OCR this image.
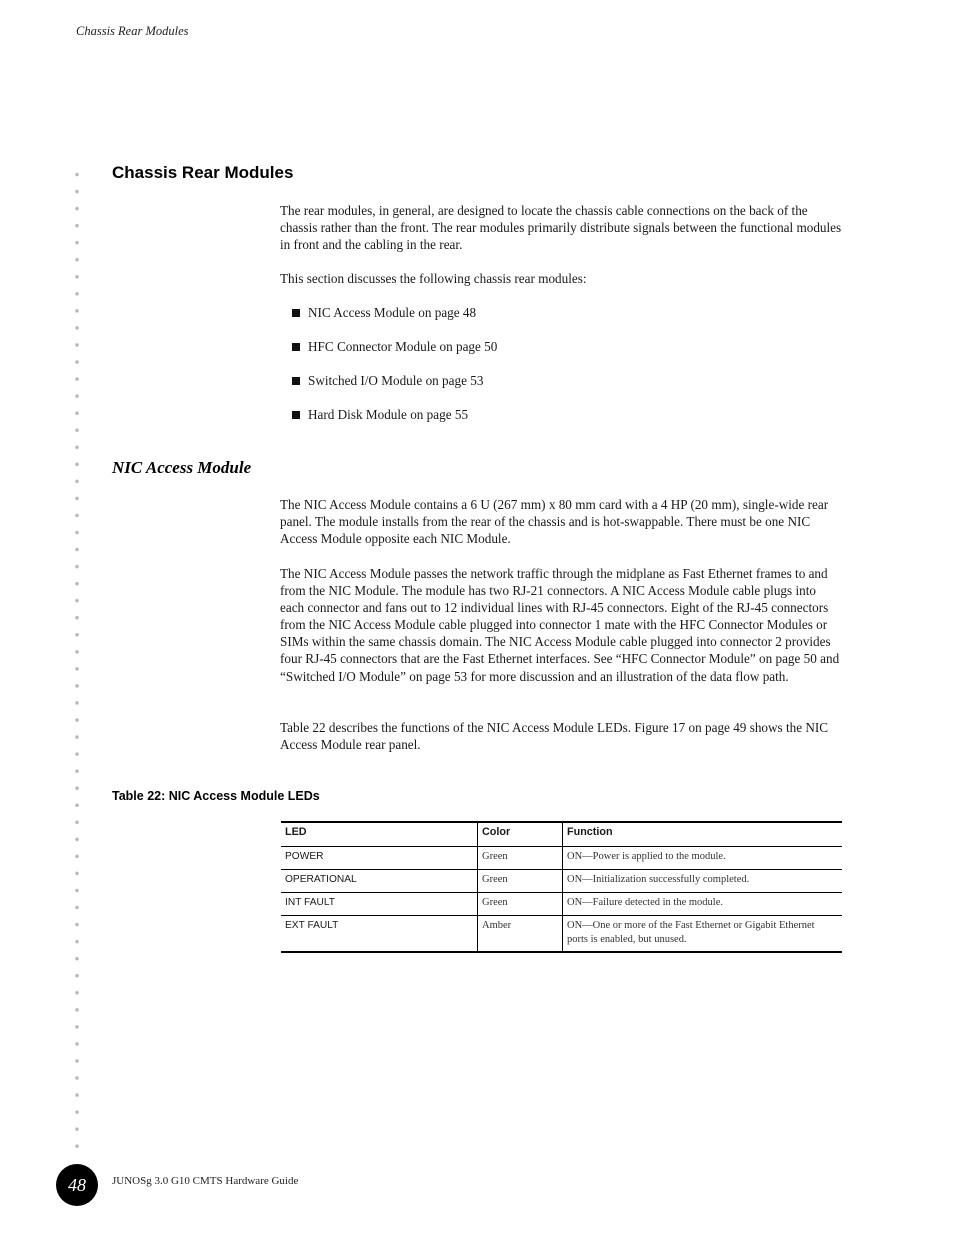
Chassis Rear Modules
Chassis Rear Modules

The rear modules, in general, are designed to locate the chassis cable connections on the back of the chassis rather than the front. The rear modules primarily distribute signals between the functional modules in front and the cabling in the rear.

This section discusses the following chassis rear modules:

NIC Access Module on page 48
HFC Connector Module on page 50
Switched I/O Module on page 53
Hard Disk Module on page 55
NIC Access Module

The NIC Access Module contains a 6 U (267 mm) x 80 mm card with a 4 HP (20 mm), single-wide rear panel. The module installs from the rear of the chassis and is hot-swappable. There must be one NIC Access Module opposite each NIC Module.

The NIC Access Module passes the network traffic through the midplane as Fast Ethernet frames to and from the NIC Module. The module has two RJ-21 connectors. A NIC Access Module cable plugs into each connector and fans out to 12 individual lines with RJ-45 connectors. Eight of the RJ-45 connectors from the NIC Access Module cable plugged into connector 1 mate with the HFC Connector Modules or SIMs within the same chassis domain. The NIC Access Module cable plugged into connector 2 provides four RJ-45 connectors that are the Fast Ethernet interfaces. See “HFC Connector Module” on page 50 and “Switched I/O Module” on page 53 for more discussion and an illustration of the data flow path.

Table 22 describes the functions of the NIC Access Module LEDs. Figure 17 on page 49 shows the NIC Access Module rear panel.

Table 22: NIC Access Module LEDs
LED	Color	Function
POWER	Green	ON—Power is applied to the module.
OPERATIONAL	Green	ON—Initialization successfully completed.
INT FAULT	Green	ON—Failure detected in the module.
EXT FAULT	Amber	ON—One or more of the Fast Ethernet or Gigabit Ethernet ports is enabled, but unused.
48	JUNOSg 3.0 G10 CMTS Hardware Guide
